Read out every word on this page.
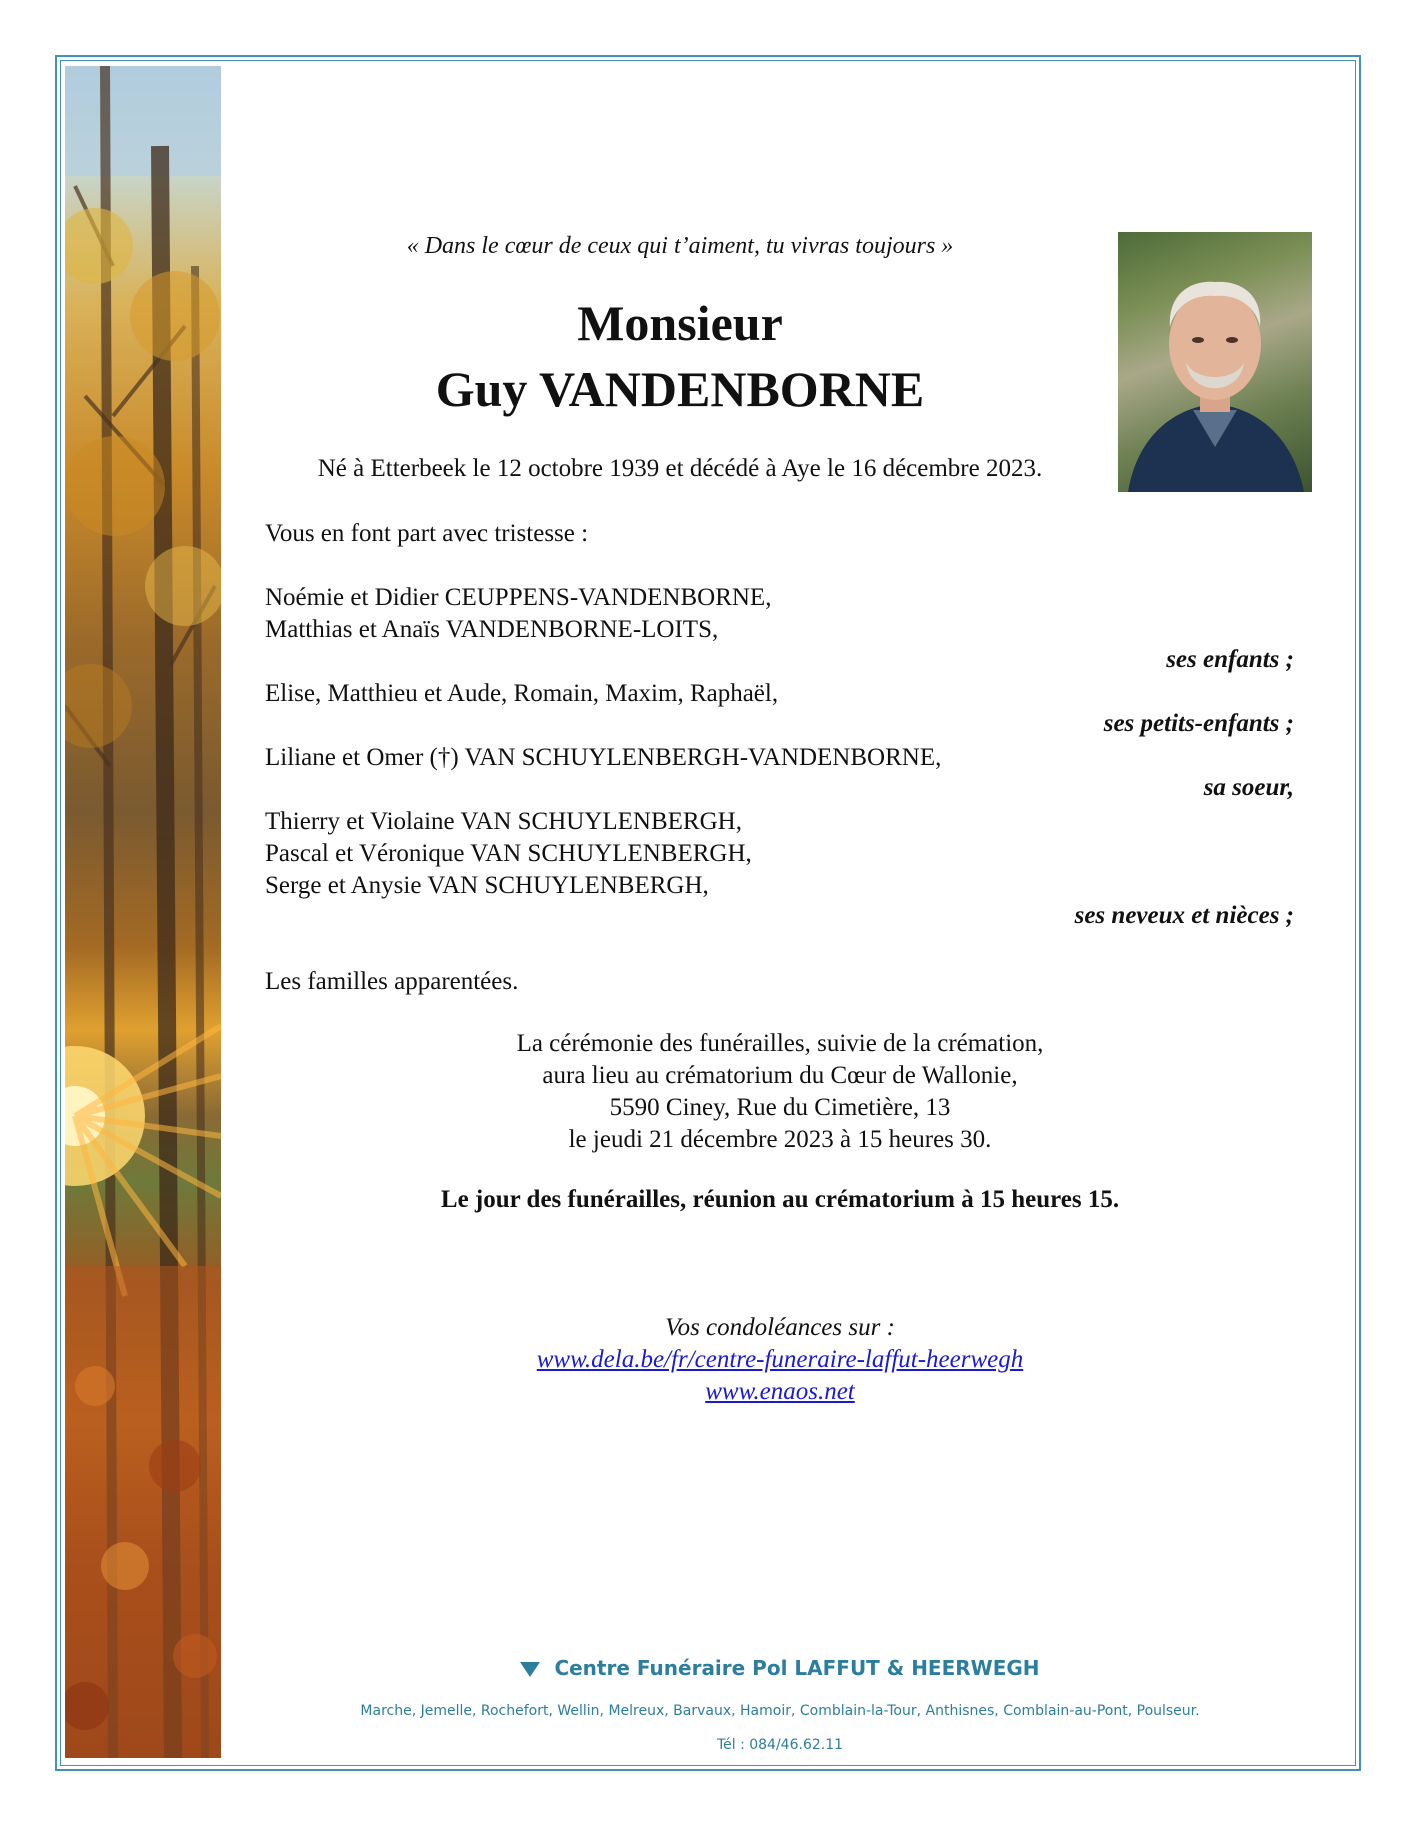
« Dans le cœur de ceux qui t’aiment, tu vivras toujours »
Monsieur
Guy VANDENBORNE
Né à Etterbeek le 12 octobre 1939 et décédé à Aye le 16 décembre 2023.
Vous en font part avec tristesse :
Noémie et Didier CEUPPENS-VANDENBORNE,
Matthias et Anaïs VANDENBORNE-LOITS,
ses enfants ;
Elise, Matthieu et Aude, Romain, Maxim, Raphaël,
ses petits-enfants ;
Liliane et Omer (†) VAN SCHUYLENBERGH-VANDENBORNE,
sa soeur,
Thierry et Violaine VAN SCHUYLENBERGH,
Pascal et Véronique VAN SCHUYLENBERGH,
Serge et Anysie VAN SCHUYLENBERGH,
ses neveux et nièces ;
Les familles apparentées.
La cérémonie des funérailles, suivie de la crémation,
aura lieu au crématorium du Cœur de Wallonie,
5590 Ciney, Rue du Cimetière, 13
le jeudi 21 décembre 2023 à 15 heures 30.
Le jour des funérailles, réunion au crématorium à 15 heures 15.
Vos condoléances sur :
www.dela.be/fr/centre-funeraire-laffut-heerwegh
www.enaos.net
Centre Funéraire Pol LAFFUT & HEERWEGH
Marche, Jemelle, Rochefort, Wellin, Melreux, Barvaux, Hamoir, Comblain-la-Tour, Anthisnes, Comblain-au-Pont, Poulseur.
Tél : 084/46.62.11
